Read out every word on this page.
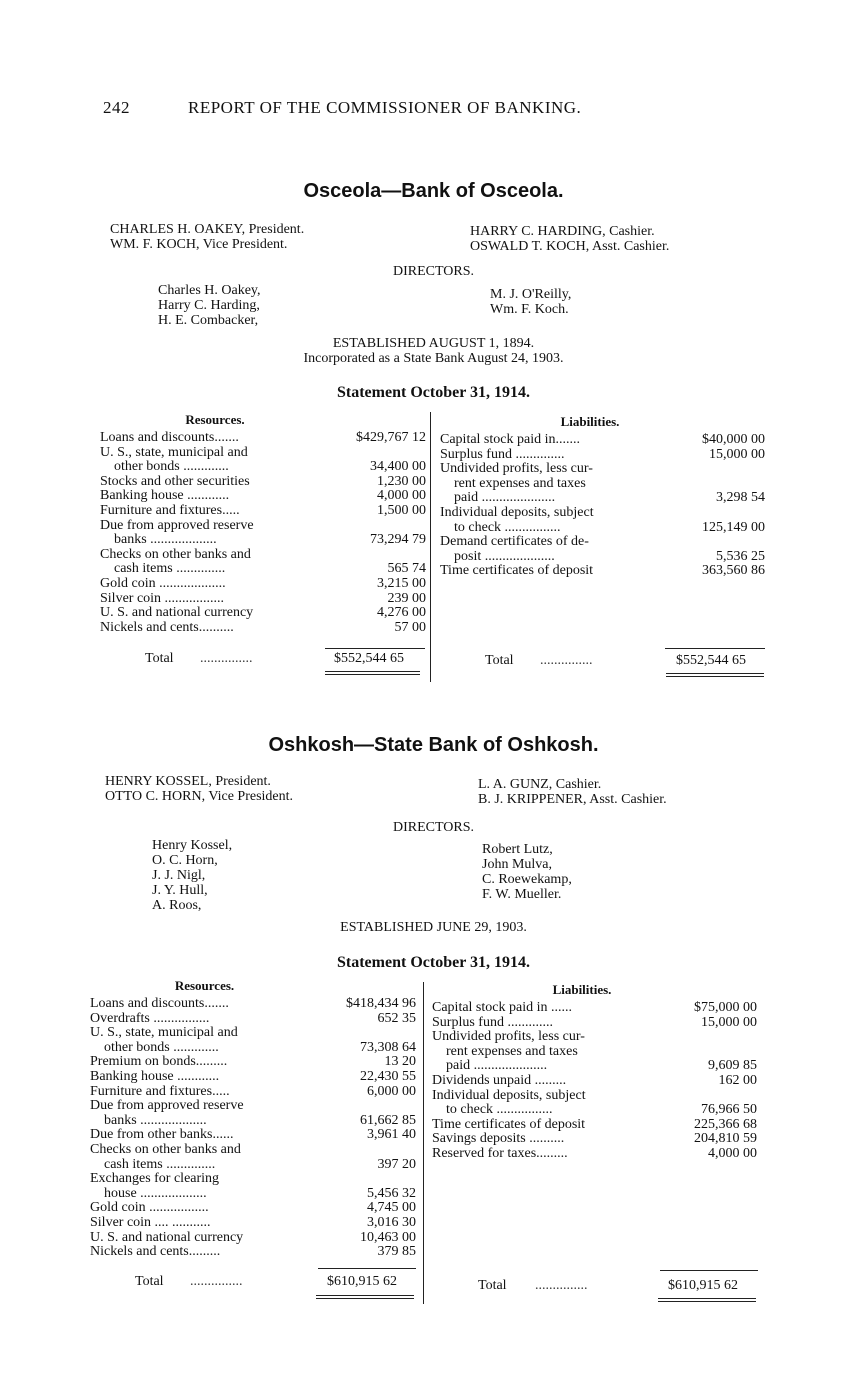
242	REPORT OF THE COMMISSIONER OF BANKING.
Osceola—Bank of Osceola.
CHARLES H. OAKEY, President.
WM. F. KOCH, Vice President.
HARRY C. HARDING, Cashier.
OSWALD T. KOCH, Asst. Cashier.
DIRECTORS.
Charles H. Oakey,
Harry C. Harding,
H. E. Combacker,
M. J. O'Reilly,
Wm. F. Koch.
ESTABLISHED AUGUST 1, 1894.
Incorporated as a State Bank August 24, 1903.
Statement October 31, 1914.
Resources.	Liabilities.
Loans and discounts.......	$429,767 12
U. S., state, municipal and
other bonds .............	34,400 00
Stocks and other securities	1,230 00
Banking house ............	4,000 00
Furniture and fixtures.....	1,500 00
Due from approved reserve
banks ...................	73,294 79
Checks on other banks and
cash items ..............	565 74
Gold coin ...................	3,215 00
Silver coin .................	239 00
U. S. and national currency	4,276 00
Nickels and cents..........	57 00
Capital stock paid in.......	$40,000 00
Surplus fund ..............	15,000 00
Undivided profits, less cur-
rent expenses and taxes
paid .....................	3,298 54
Individual deposits, subject
to check ................	125,149 00
Demand certificates of de-
posit ....................	5,536 25
Time certificates of deposit	363,560 86
Total ...............	$552,544 65	Total ...............	$552,544 65
Oshkosh—State Bank of Oshkosh.
HENRY KOSSEL, President.
OTTO C. HORN, Vice President.
L. A. GUNZ, Cashier.
B. J. KRIPPENER, Asst. Cashier.
DIRECTORS.
Henry Kossel,
O. C. Horn,
J. J. Nigl,
J. Y. Hull,
A. Roos,
Robert Lutz,
John Mulva,
C. Roewekamp,
F. W. Mueller.
ESTABLISHED JUNE 29, 1903.
Statement October 31, 1914.
Resources.	Liabilities.
Loans and discounts.......	$418,434 96
Overdrafts ................	652 35
U. S., state, municipal and
other bonds .............	73,308 64
Premium on bonds.........	13 20
Banking house ............	22,430 55
Furniture and fixtures.....	6,000 00
Due from approved reserve
banks ...................	61,662 85
Due from other banks......	3,961 40
Checks on other banks and
cash items ..............	397 20
Exchanges for clearing
house ...................	5,456 32
Gold coin .................	4,745 00
Silver coin .... ...........	3,016 30
U. S. and national currency	10,463 00
Nickels and cents.........	379 85
Capital stock paid in ......	$75,000 00
Surplus fund .............	15,000 00
Undivided profits, less cur-
rent expenses and taxes
paid .....................	9,609 85
Dividends unpaid .........	162 00
Individual deposits, subject
to check ................	76,966 50
Time certificates of deposit	225,366 68
Savings deposits ..........	204,810 59
Reserved for taxes.........	4,000 00
Total ...............	$610,915 62	Total ...............	$610,915 62
